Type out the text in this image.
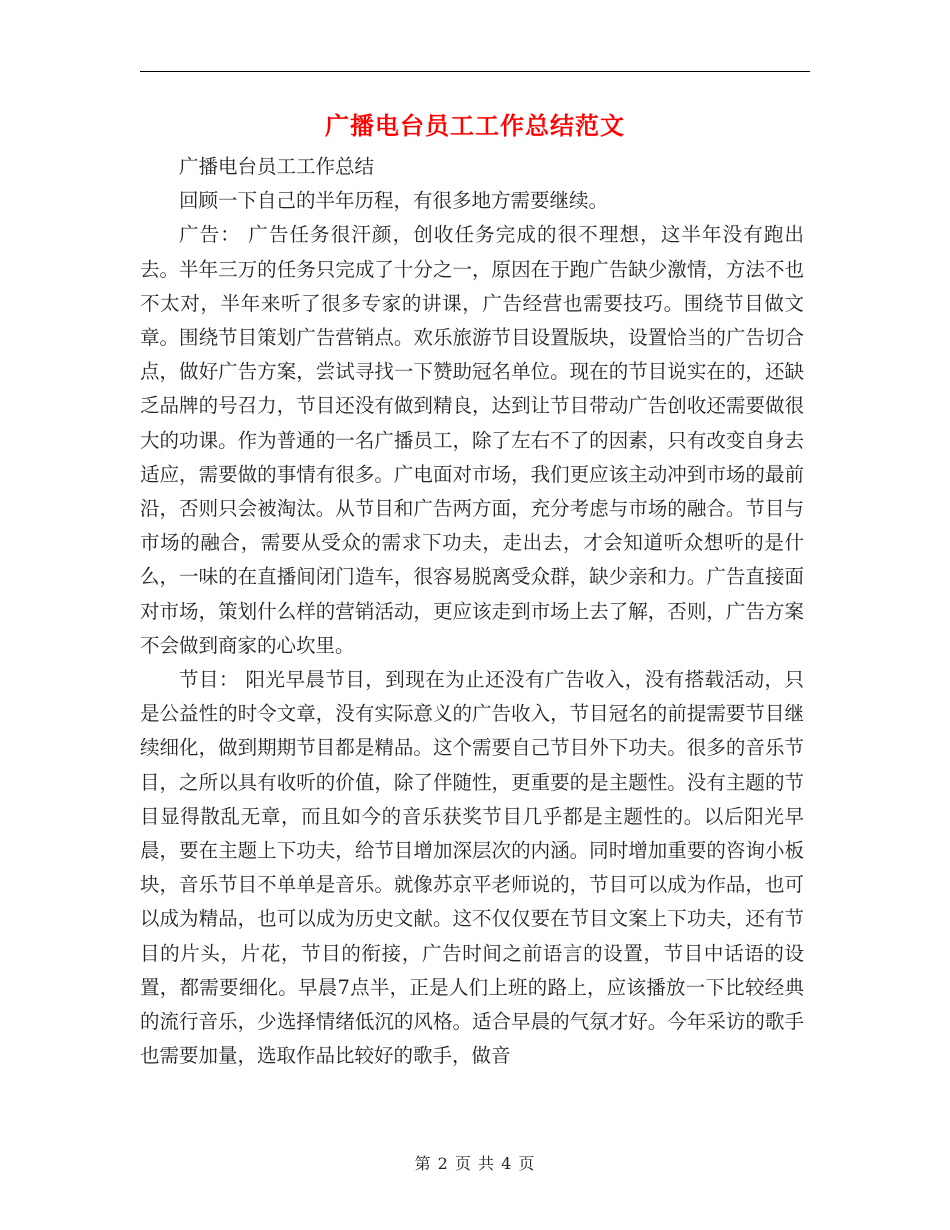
广播电台员工工作总结范文

广播电台员工工作总结

回顾一下自己的半年历程，有很多地方需要继续。

广告： 广告任务很汗颜，创收任务完成的很不理想，这半年没有跑出去。半年三万的任务只完成了十分之一，原因在于跑广告缺少激情，方法不也不太对，半年来听了很多专家的讲课，广告经营也需要技巧。围绕节目做文章。围绕节目策划广告营销点。欢乐旅游节目设置版块，设置恰当的广告切合点，做好广告方案，尝试寻找一下赞助冠名单位。现在的节目说实在的，还缺乏品牌的号召力，节目还没有做到精良，达到让节目带动广告创收还需要做很大的功课。作为普通的一名广播员工，除了左右不了的因素，只有改变自身去适应，需要做的事情有很多。广电面对市场，我们更应该主动冲到市场的最前沿，否则只会被淘汰。从节目和广告两方面，充分考虑与市场的融合。节目与市场的融合，需要从受众的需求下功夫，走出去，才会知道听众想听的是什么，一味的在直播间闭门造车，很容易脱离受众群，缺少亲和力。广告直接面对市场，策划什么样的营销活动，更应该走到市场上去了解，否则，广告方案不会做到商家的心坎里。

节目： 阳光早晨节目，到现在为止还没有广告收入，没有搭载活动，只是公益性的时令文章，没有实际意义的广告收入，节目冠名的前提需要节目继续细化，做到期期节目都是精品。这个需要自己节目外下功夫。很多的音乐节目，之所以具有收听的价值，除了伴随性，更重要的是主题性。没有主题的节目显得散乱无章，而且如今的音乐获奖节目几乎都是主题性的。以后阳光早晨，要在主题上下功夫，给节目增加深层次的内涵。同时增加重要的咨询小板块，音乐节目不单单是音乐。就像苏京平老师说的，节目可以成为作品，也可以成为精品，也可以成为历史文献。这不仅仅要在节目文案上下功夫，还有节目的片头，片花，节目的衔接，广告时间之前语言的设置，节目中话语的设置，都需要细化。早晨7点半，正是人们上班的路上，应该播放一下比较经典的流行音乐，少选择情绪低沉的风格。适合早晨的气氛才好。今年采访的歌手也需要加量，选取作品比较好的歌手，做音

第 2 页 共 4 页
